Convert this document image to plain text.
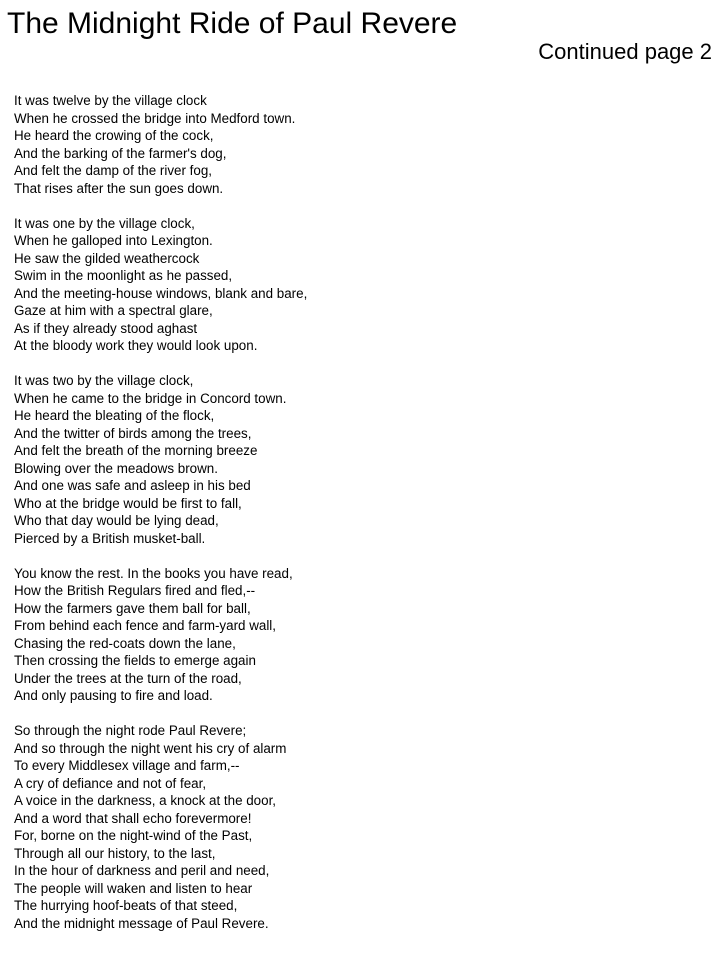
The Midnight Ride of Paul Revere
Continued page 2
It was twelve by the village clock
When he crossed the bridge into Medford town.
He heard the crowing of the cock,
And the barking of the farmer's dog,
And felt the damp of the river fog,
That rises after the sun goes down.
It was one by the village clock,
When he galloped into Lexington.
He saw the gilded weathercock
Swim in the moonlight as he passed,
And the meeting-house windows, blank and bare,
Gaze at him with a spectral glare,
As if they already stood aghast
At the bloody work they would look upon.
It was two by the village clock,
When he came to the bridge in Concord town.
He heard the bleating of the flock,
And the twitter of birds among the trees,
And felt the breath of the morning breeze
Blowing over the meadows brown.
And one was safe and asleep in his bed
Who at the bridge would be first to fall,
Who that day would be lying dead,
Pierced by a British musket-ball.
You know the rest. In the books you have read,
How the British Regulars fired and fled,--
How the farmers gave them ball for ball,
From behind each fence and farm-yard wall,
Chasing the red-coats down the lane,
Then crossing the fields to emerge again
Under the trees at the turn of the road,
And only pausing to fire and load.
So through the night rode Paul Revere;
And so through the night went his cry of alarm
To every Middlesex village and farm,--
A cry of defiance and not of fear,
A voice in the darkness, a knock at the door,
And a word that shall echo forevermore!
For, borne on the night-wind of the Past,
Through all our history, to the last,
In the hour of darkness and peril and need,
The people will waken and listen to hear
The hurrying hoof-beats of that steed,
And the midnight message of Paul Revere.
